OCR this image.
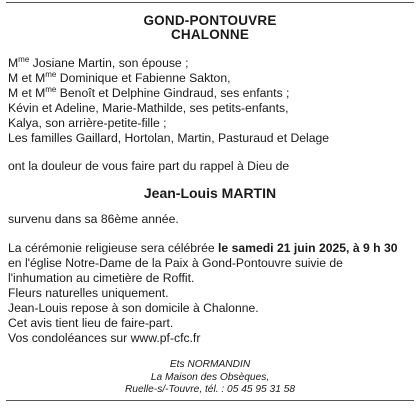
GOND-PONTOUVRE
CHALONNE
$M^{me}$ Josiane Martin, son épouse ;
M et $M^{me}$ Dominique et Fabienne Sakton,
M et $M^{me}$ Benoît et Delphine Gindraud, ses enfants ;
Kévin et Adeline, Marie-Mathilde, ses petits-enfants,
Kalya, son arrière-petite-fille ;
Les familles Gaillard, Hortolan, Martin, Pasturaud et Delage
ont la douleur de vous faire part du rappel à Dieu de
Jean-Louis MARTIN
survenu dans sa 86ème année.
La cérémonie religieuse sera célébrée le samedi 21 juin 2025, à 9 h 30
en l'église Notre-Dame de la Paix à Gond-Pontouvre suivie de
l'inhumation au cimetière de Roffit.
Fleurs naturelles uniquement.
Jean-Louis repose à son domicile à Chalonne.
Cet avis tient lieu de faire-part.
Vos condoléances sur www.pf-cfc.fr
Ets NORMANDIN
La Maison des Obsèques,
Ruelle-s/-Touvre, tél. : 05 45 95 31 58
